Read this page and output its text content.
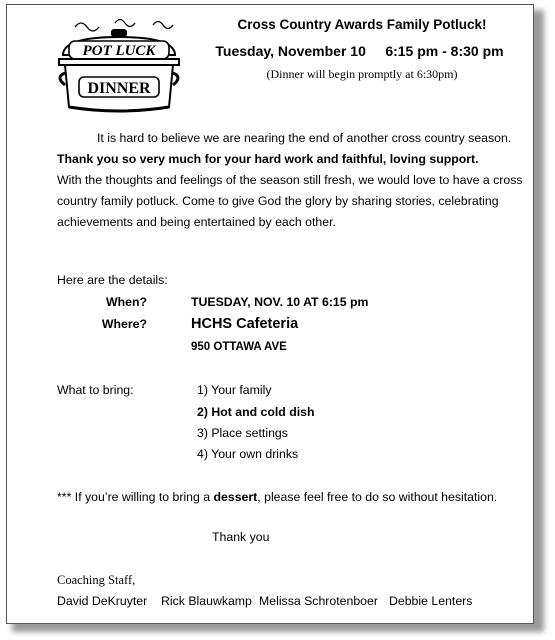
POT LUCK
DINNER
Cross Country Awards Family Potluck!
Tuesday, November 10 6:15 pm - 8:30 pm
(Dinner will begin promptly at 6:30pm)

It is hard to believe we are nearing the end of another cross country season.

Thank you so very much for your hard work and faithful, loving support.

With the thoughts and feelings of the season still fresh, we would love to have a cross country family potluck. Come to give God the glory by sharing stories, celebrating achievements and being entertained by each other.

Here are the details:
When?	TUESDAY, NOV. 10 AT 6:15 pm
Where?	HCHS Cafeteria
950 OTTAWA AVE
What to bring:	1) Your family
2) Hot and cold dish
3) Place settings
4) Your own drinks
*** If you’re willing to bring a dessert, please feel free to do so without hesitation.
Thank you
Coaching Staff,
David DeKruyter Rick Blauwkamp Melissa Schrotenboer Debbie Lenters
